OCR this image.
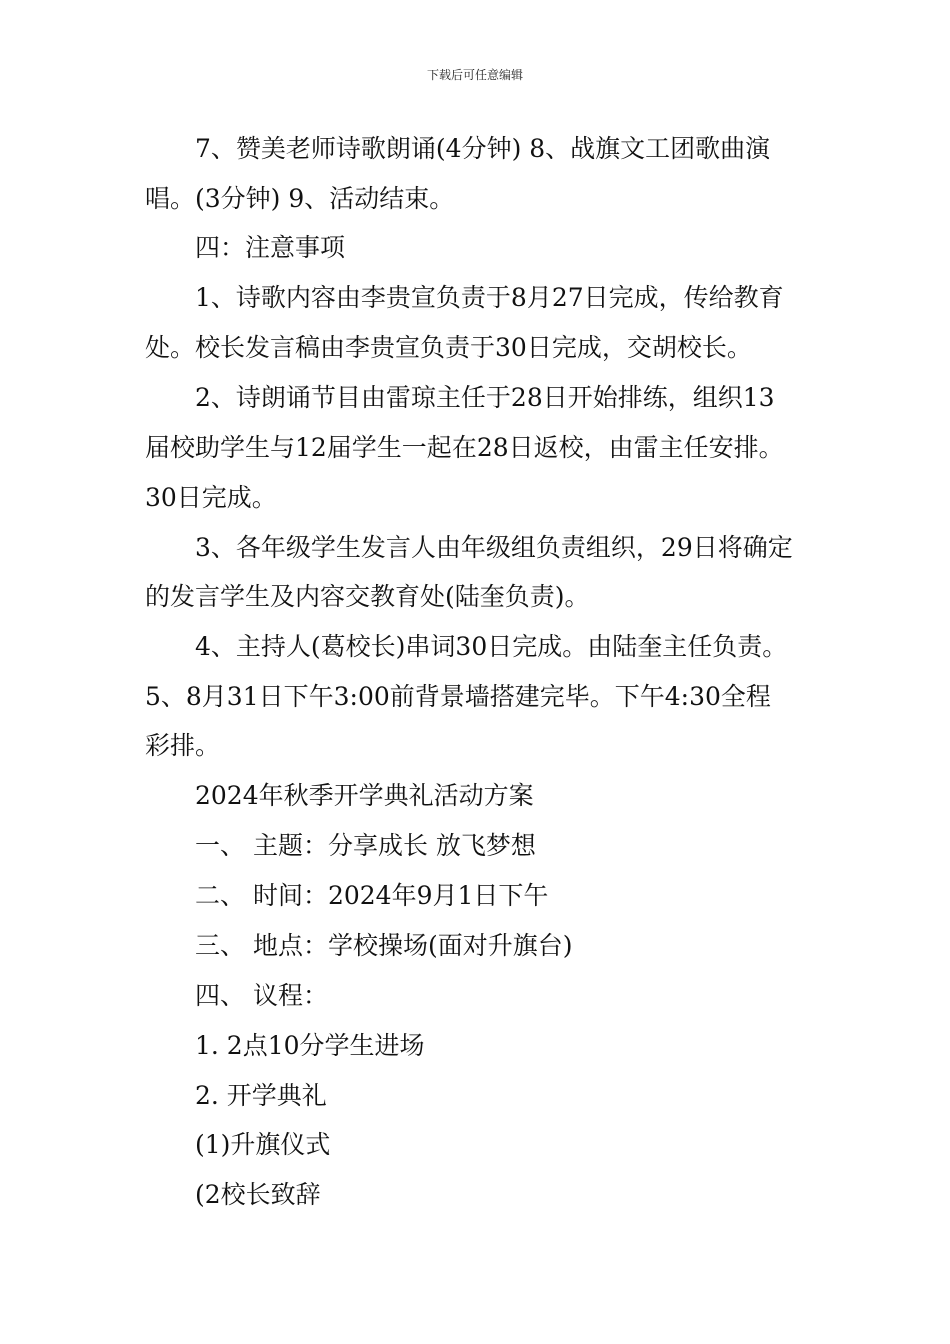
下载后可任意编辑
7、赞美老师诗歌朗诵(4分钟) 8、战旗文工团歌曲演
唱。(3分钟) 9、活动结束。
四：注意事项
1、诗歌内容由李贵宣负责于8月27日完成，传给教育
处。校长发言稿由李贵宣负责于30日完成，交胡校长。
2、诗朗诵节目由雷琼主任于28日开始排练，组织13
届校助学生与12届学生一起在28日返校，由雷主任安排。
30日完成。
3、各年级学生发言人由年级组负责组织，29日将确定
的发言学生及内容交教育处(陆奎负责)。
4、主持人(葛校长)串词30日完成。由陆奎主任负责。
5、8月31日下午3:00前背景墙搭建完毕。下午4:30全程
彩排。
2024年秋季开学典礼活动方案
一、 主题：分享成长 放飞梦想
二、 时间：2024年9月1日下午
三、 地点：学校操场(面对升旗台)
四、 议程：
1. 2点10分学生进场
2. 开学典礼
(1)升旗仪式
(2校长致辞
